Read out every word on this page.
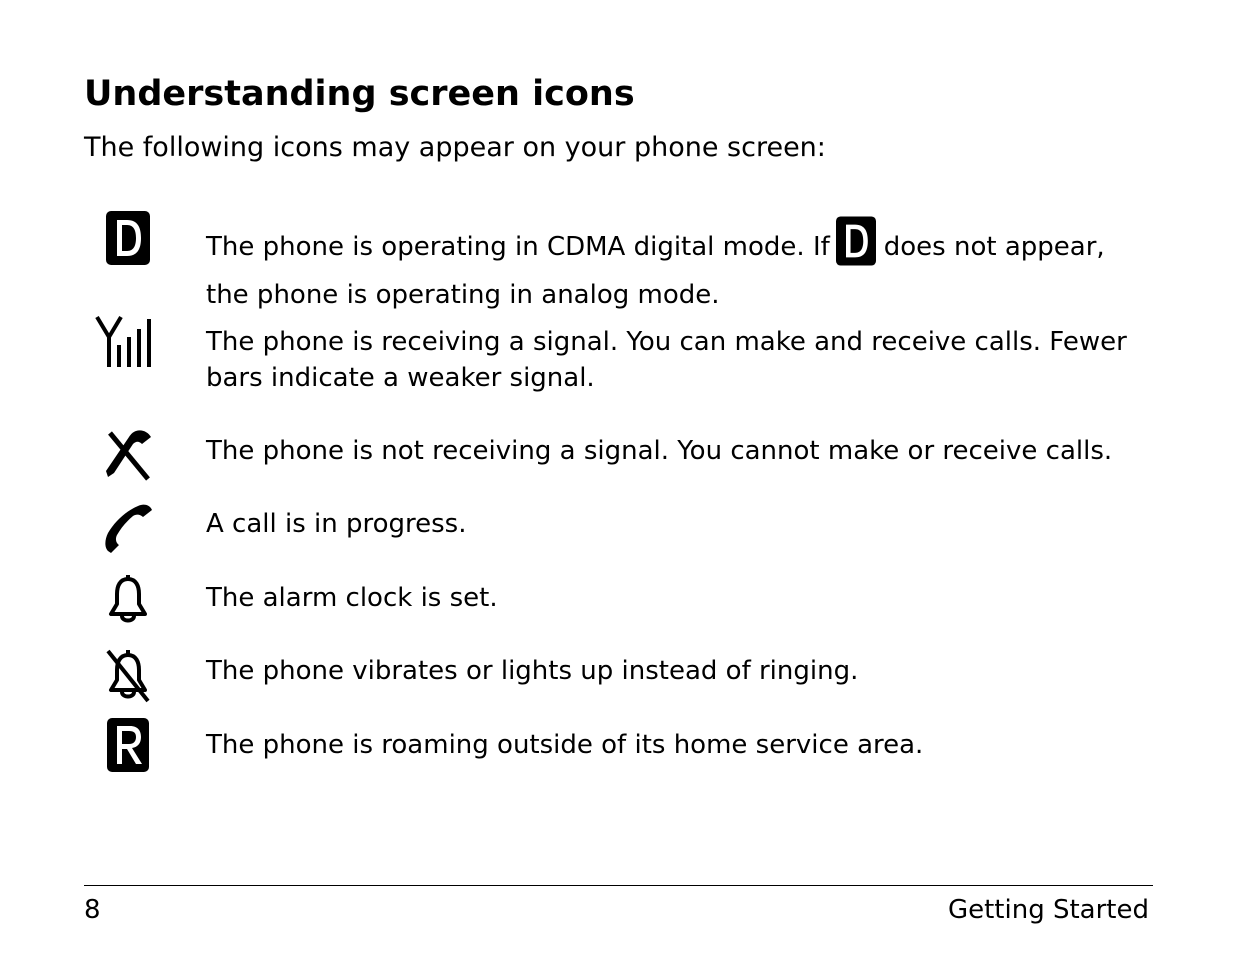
Understanding screen icons

The following icons may appear on your phone screen:

The phone is operating in CDMA digital mode. If does not appear, the phone is operating in analog mode.

The phone is receiving a signal. You can make and receive calls. Fewer bars indicate a weaker signal.

The phone is not receiving a signal. You cannot make or receive calls.

A call is in progress.

The alarm clock is set.

The phone vibrates or lights up instead of ringing.

The phone is roaming outside of its home service area.

8	Getting Started
